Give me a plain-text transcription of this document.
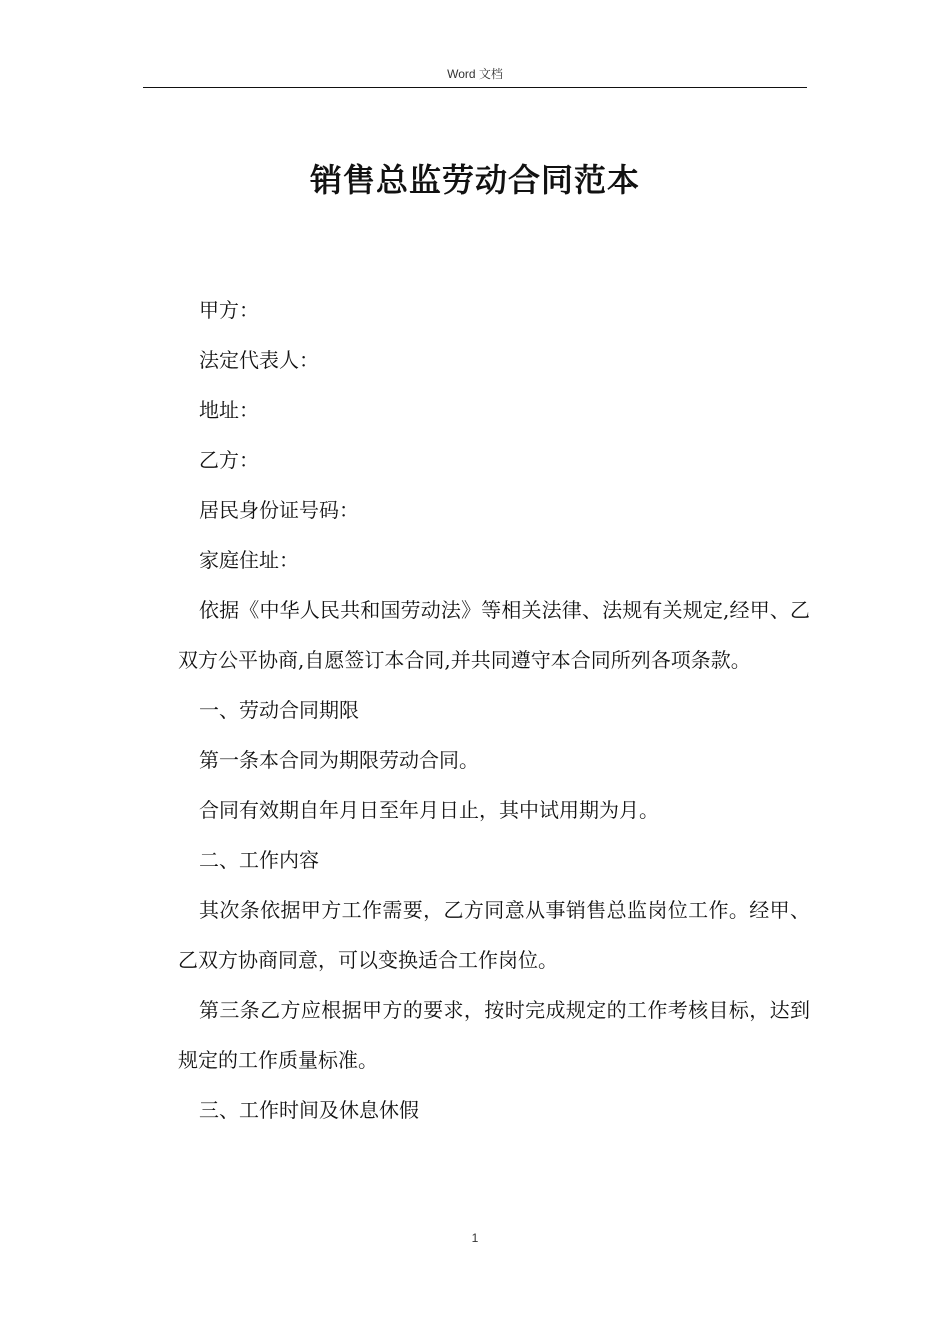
Word 文档
销售总监劳动合同范本

甲方：

法定代表人：

地址：

乙方：

居民身份证号码：

家庭住址：

依据《中华人民共和国劳动法》等相关法律、法规有关规定,经甲、乙双方公平协商,自愿签订本合同,并共同遵守本合同所列各项条款。

一、劳动合同期限

第一条本合同为期限劳动合同。

合同有效期自年月日至年月日止，其中试用期为月。

二、工作内容

其次条依据甲方工作需要，乙方同意从事销售总监岗位工作。经甲、乙双方协商同意，可以变换适合工作岗位。

第三条乙方应根据甲方的要求，按时完成规定的工作考核目标，达到规定的工作质量标准。

三、工作时间及休息休假

1
